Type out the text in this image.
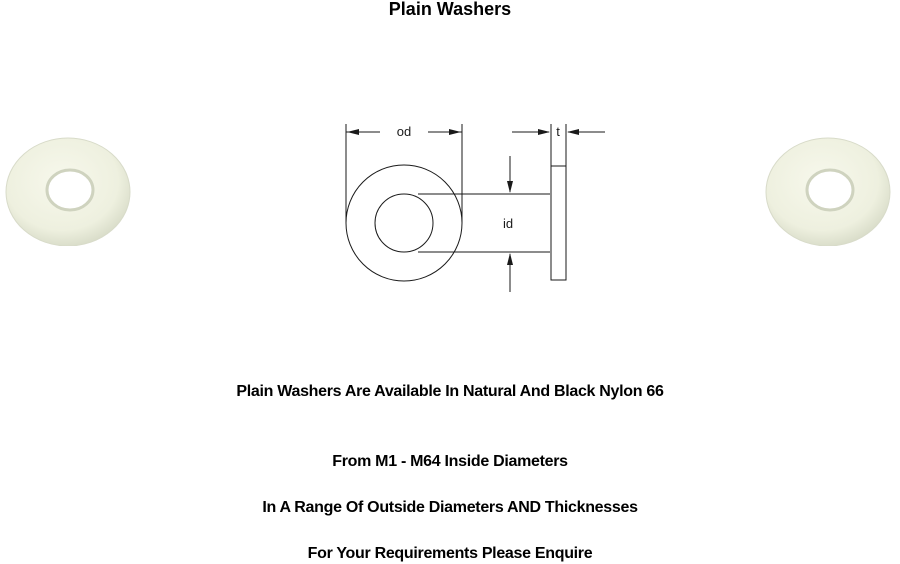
Plain Washers
od
id
t
Plain Washers Are Available In Natural And Black Nylon 66
From M1 - M64 Inside Diameters
In A Range Of Outside Diameters AND Thicknesses
For Your Requirements Please Enquire
